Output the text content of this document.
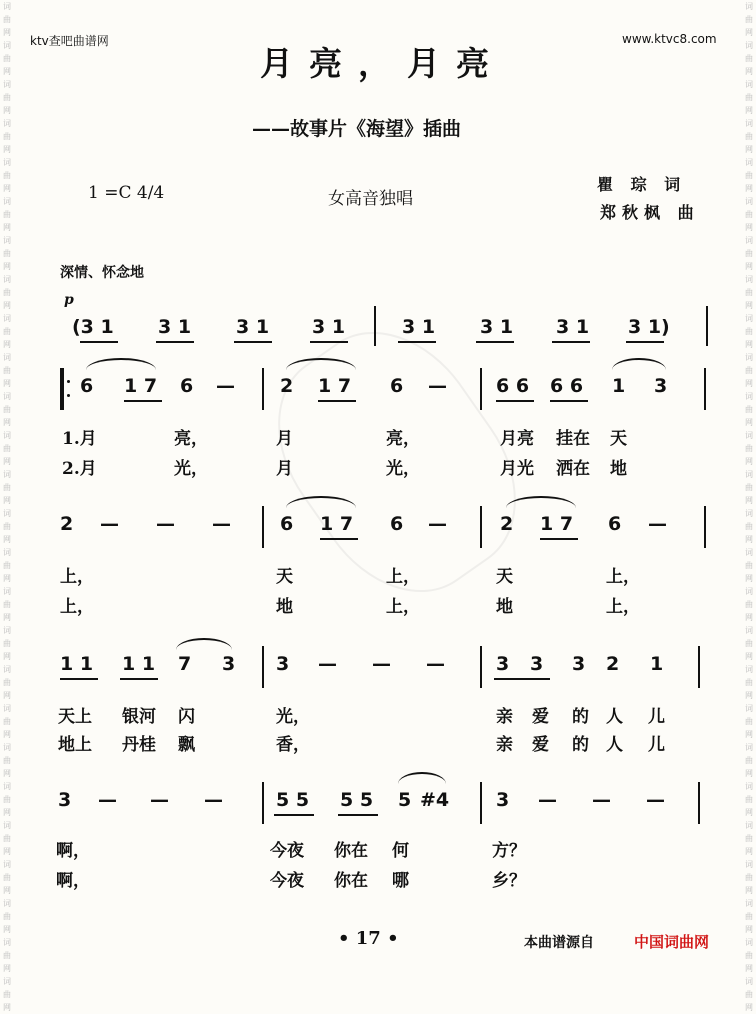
词曲网 词曲网 词曲网 词曲网 词曲网 词曲网 词曲网 词曲网 词曲网 词曲网 词曲网 词曲网 词曲网 词曲网 词曲网 词曲网 词曲网 词曲网 词曲网 词曲网 词曲网 词曲网 词曲网 词曲网 词曲网 词曲网
词曲网 词曲网 词曲网 词曲网 词曲网 词曲网 词曲网 词曲网 词曲网 词曲网 词曲网 词曲网 词曲网 词曲网 词曲网 词曲网 词曲网 词曲网 词曲网 词曲网 词曲网 词曲网 词曲网 词曲网 词曲网 词曲网
ktv查吧曲谱网	www.ktvc8.com
月亮，月亮
——故事片《海望》插曲
1 =C 4/4	女高音独唱
瞿 琮 词
郑秋枫 曲
深情、怀念地
p
(3 1 3 1 3 1 3 1	3 1 3 1 3 1 3 1)
6 1 7 6 — 2 1 7 6 —	6 6 6 6 1 3
1.月	亮，	月	亮，	月亮 挂在 天
2.月	光，	月	光，	月光 洒在 地
2 — — —	6 1 7 6 —	2 1 7 6 —
上，	天	上，	天	上，
上，	地	上，	地	上，
1 1 1 1 7 3 3 — — —	3 3 3 2 1
天上 银河 闪	光，	亲 爱 的 人 儿
地上 丹桂 飘	香，	亲 爱 的 人 儿
3 — — —	5 5 5 5 5 #4 3 — — —
啊，	今夜 你在 何	方？
啊，	今夜 你在 哪	乡？
• 17 •	本曲谱源自	中国词曲网
